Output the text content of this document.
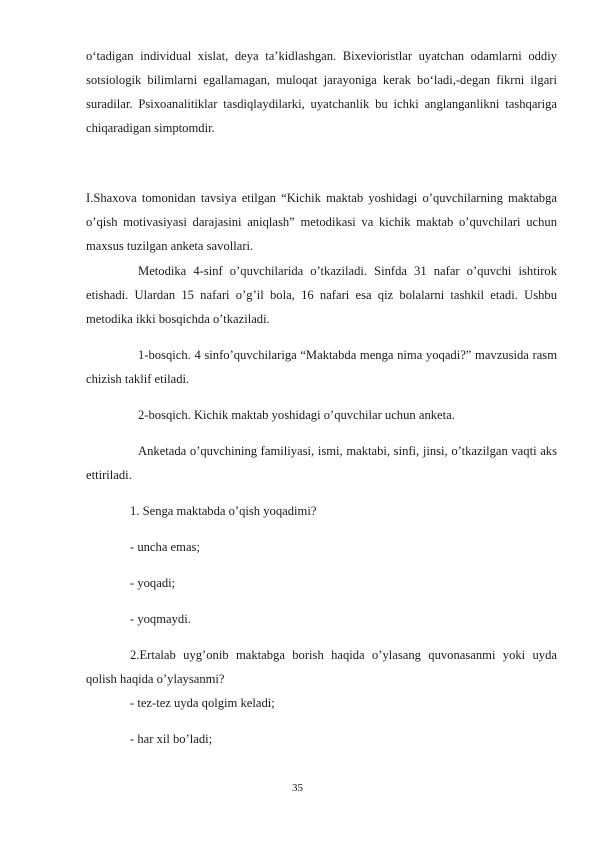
o‘tadigan individual xislat, deya ta’kidlashgan. Bixevioristlar uyatchan odamlarni oddiy sotsiologik bilimlarni egallamagan, muloqat jarayoniga kerak bo‘ladi,-degan fikrni ilgari suradilar. Psixoanalitiklar tasdiqlaydilarki, uyatchanlik bu ichki anglanganlikni tashqariga chiqaradigan simptomdir.

I.Shaxova tomonidan tavsiya etilgan “Kichik maktab yoshidagi o’quvchilarning maktabga o’qish motivasiyasi darajasini aniqlash” metodikasi va kichik maktab o’quvchilari uchun maxsus tuzilgan anketa savollari.

Metodika 4-sinf o’quvchilarida o’tkaziladi. Sinfda 31 nafar o’quvchi ishtirok etishadi. Ulardan 15 nafari o’g’il bola, 16 nafari esa qiz bolalarni tashkil etadi. Ushbu metodika ikki bosqichda o’tkaziladi.

1-bosqich. 4 sinfo’quvchilariga “Maktabda menga nima yoqadi?” mavzusida rasm chizish taklif etiladi.

2-bosqich. Kichik maktab yoshidagi o’quvchilar uchun anketa.

Anketada o’quvchining familiyasi, ismi, maktabi, sinfi, jinsi, o’tkazilgan vaqti aks ettiriladi.

1. Senga maktabda o’qish yoqadimi?

- uncha emas;

- yoqadi;

- yoqmaydi.

2.Ertalab uyg’onib maktabga borish haqida o’ylasang quvonasanmi yoki uyda qolish haqida o’ylaysanmi?

- tez-tez uyda qolgim keladi;

- har xil bo’ladi;

35
